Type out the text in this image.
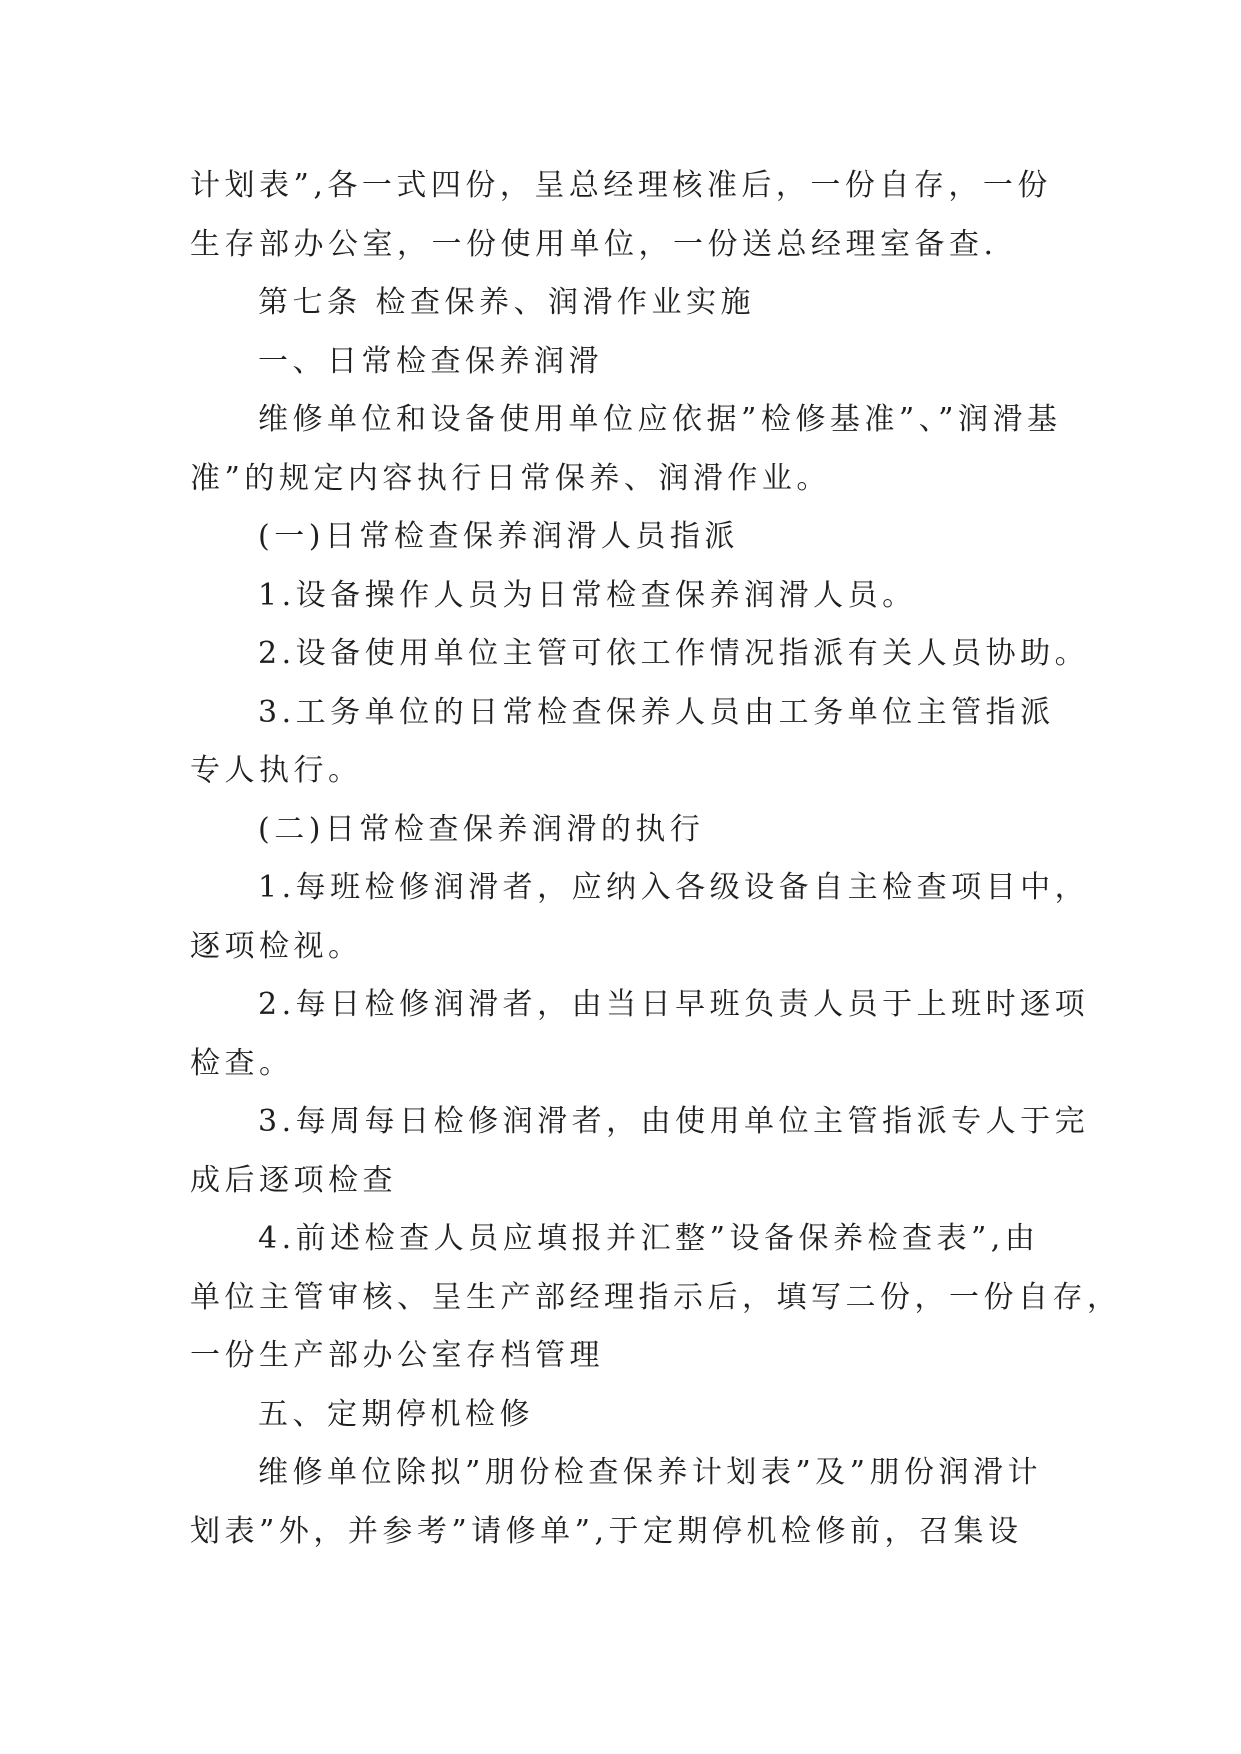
计划表”,各一式四份，呈总经理核准后，一份自存，一份
生存部办公室，一份使用单位，一份送总经理室备查.
第七条 检查保养、润滑作业实施
一、日常检查保养润滑
维修单位和设备使用单位应依据”检修基准”、”润滑基
准”的规定内容执行日常保养、润滑作业。
(一)日常检查保养润滑人员指派
1.设备操作人员为日常检查保养润滑人员。
2.设备使用单位主管可依工作情况指派有关人员协助。
3.工务单位的日常检查保养人员由工务单位主管指派
专人执行。
(二)日常检查保养润滑的执行
1.每班检修润滑者，应纳入各级设备自主检查项目中，
逐项检视。
2.每日检修润滑者，由当日早班负责人员于上班时逐项
检查。
3.每周每日检修润滑者，由使用单位主管指派专人于完
成后逐项检查
4.前述检查人员应填报并汇整”设备保养检查表”,由
单位主管审核、呈生产部经理指示后，填写二份，一份自存，
一份生产部办公室存档管理
五、定期停机检修
维修单位除拟”朋份检查保养计划表”及”朋份润滑计
划表”外，并参考”请修单”,于定期停机检修前，召集设
